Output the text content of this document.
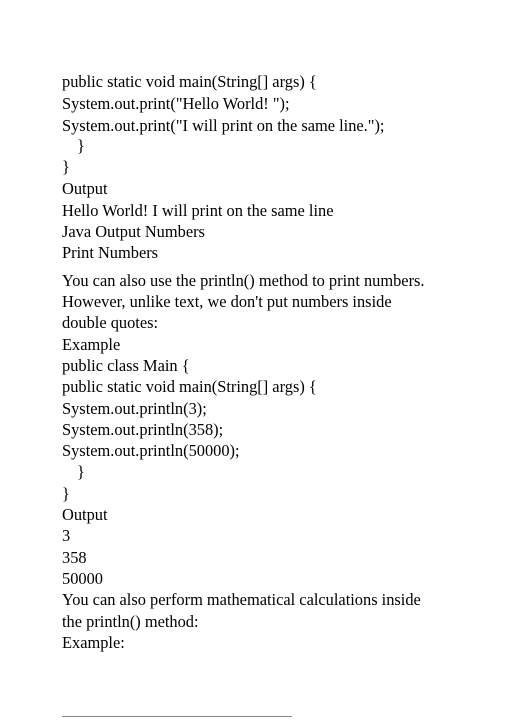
public static void main(String[] args) {
System.out.print("Hello World! ");
System.out.print("I will print on the same line.");
}
}
Output
Hello World! I will print on the same line
Java Output Numbers
Print Numbers
You can also use the println() method to print numbers.
However, unlike text, we don't put numbers inside
double quotes:
Example
public class Main {
public static void main(String[] args) {
System.out.println(3);
System.out.println(358);
System.out.println(50000);
}
}
Output
3
358
50000
You can also perform mathematical calculations inside
the println() method:
Example:
